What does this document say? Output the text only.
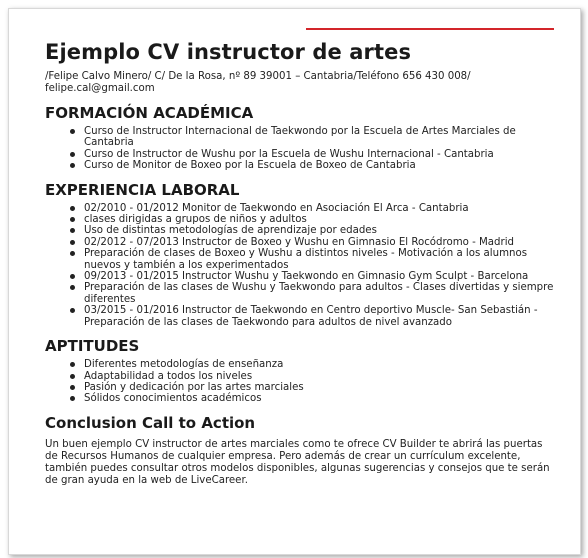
Ejemplo CV instructor de artes
/Felipe Calvo Minero/ C/ De la Rosa, nº 89 39001 – Cantabria/Teléfono 656 430 008/ felipe.cal@gmail.com
FORMACIÓN ACADÉMICA
Curso de Instructor Internacional de Taekwondo por la Escuela de Artes Marciales de Cantabria
Curso de Instructor de Wushu por la Escuela de Wushu Internacional - Cantabria
Curso de Monitor de Boxeo por la Escuela de Boxeo de Cantabria
EXPERIENCIA LABORAL
02/2010 - 01/2012 Monitor de Taekwondo en Asociación El Arca - Cantabria
clases dirigidas a grupos de niños y adultos
Uso de distintas metodologías de aprendizaje por edades
02/2012 - 07/2013 Instructor de Boxeo y Wushu en Gimnasio El Rocódromo - Madrid
Preparación de clases de Boxeo y Wushu a distintos niveles - Motivación a los alumnos nuevos y también a los experimentados
09/2013 - 01/2015 Instructor Wushu y Taekwondo en Gimnasio Gym Sculpt - Barcelona
Preparación de las clases de Wushu y Taekwondo para adultos - Clases divertidas y siempre diferentes
03/2015 - 01/2016 Instructor de Taekwondo en Centro deportivo Muscle- San Sebastián - Preparación de las clases de Taekwondo para adultos de nivel avanzado
APTITUDES
Diferentes metodologías de enseñanza
Adaptabilidad a todos los niveles
Pasión y dedicación por las artes marciales
Sólidos conocimientos académicos
Conclusion Call to Action

Un buen ejemplo CV instructor de artes marciales como te ofrece CV Builder te abrirá las puertas de Recursos Humanos de cualquier empresa. Pero además de crear un currículum excelente, también puedes consultar otros modelos disponibles, algunas sugerencias y consejos que te serán de gran ayuda en la web de LiveCareer.
